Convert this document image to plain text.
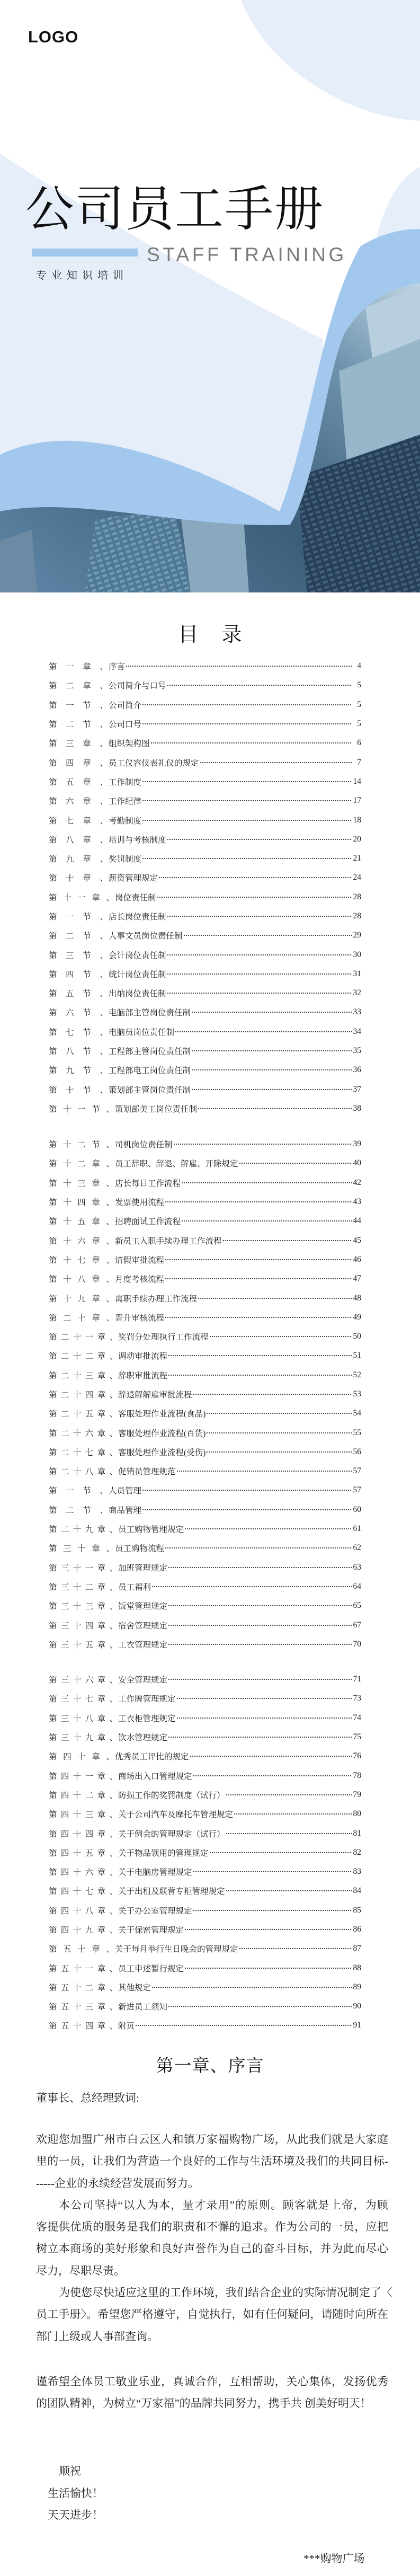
LOGO
公司员工手册
STAFF TRAINING
专业知识培训
目录
第一章、 序言	4
第二章、 公司简介与口号	5
第一节、 公司简介	5
第二节、 公司口号	5
第三章、 组织架构图	6
第四章、 员工仪容仪表礼仪的规定	7
第五章、 工作制度	14
第六章、 工作纪律	17
第七章、 考勤制度	18
第八章、 培训与考核制度	20
第九章、 奖罚制度	21
第十章、 薪资管理规定	24
第十一章、 岗位责任制	28
第一节、 店长岗位责任制	28
第二节、 人事文员岗位责任制	29
第三节、 会计岗位责任制	30
第四节、 统计岗位责任制	31
第五节、 出纳岗位责任制	32
第六节、 电脑部主管岗位责任制	33
第七节、 电脑员岗位责任制	34
第八节、 工程部主管岗位责任制	35
第九节、 工程部电工岗位责任制	36
第十节、 策划部主管岗位责任制	37
第十一节、 策划部美工岗位责任制	38
第十二节、 司机岗位责任制	39
第十二章、 员工辞职、辞退、解雇、开除规定	40
第十三章、 店长每日工作流程	42
第十四章、 发票使用流程	43
第十五章、 招聘面试工作流程	44
第十六章、 新员工入职手续办理工作流程	45
第十七章、 请假审批流程	46
第十八章、 月度考核流程	47
第十九章、 离职手续办理工作流程	48
第二十章、 晋升审核流程	49
第二十一章、 奖罚分处理执行工作流程	50
第二十二章、 调动审批流程	51
第二十三章、 辞职审批流程	52
第二十四章、 辞退解解雇审批流程	53
第二十五章、 客服处理作业流程(食品)	54
第二十六章、 客服处理作业流程(百货)	55
第二十七章、 客服处理作业流程(受伤)	56
第二十八章、 促销员管理规范	57
第一节、 人员管理	57
第二节、 商品管理	60
第二十九章、 员工购物管理规定	61
第三十章、 员工购物流程	62
第三十一章、 加班管理规定	63
第三十二章、 员工福利	64
第三十三章、 饭堂管理规定	65
第三十四章、 宿舍管理规定	67
第三十五章、 工衣管理规定	70
第三十六章、 安全管理规定	71
第三十七章、 工作牌管理规定	73
第三十八章、 工衣柜管理规定	74
第三十九章、 饮水管理规定	75
第四十章、 优秀员工评比的规定	76
第四十一章、 商场出入口管理规定	78
第四十二章、 防损工作的奖罚制度（试行）	79
第四十三章、 关于公司汽车及摩托车管理规定	80
第四十四章、 关于例会的管理规定（试行）	81
第四十五章、 关于物品领用的管理规定	82
第四十六章、 关于电脑房管理规定	83
第四十七章、 关于出租及联营专柜管理规定	84
第四十八章、 关于办公室管理规定	85
第四十九章、 关于保密管理规定	86
第五十章、 关于每月举行生日晚会的管理规定	87
第五十一章、 员工申述暂行规定	88
第五十二章、 其他规定	89
第五十三章、 新进员工须知	90
第五十四章、 附页	91
第一章、序言
董事长、总经理致词:
欢迎您加盟广州市白云区人和镇万家福购物广场，从此我们就是大家庭
里的一员，让我们为营造一个良好的工作与生活环境及我们的共同目标-
-----企业的永续经营发展而努力。
本公司坚持“以人为本，量才录用”的原则。顾客就是上帝，为顾
客提供优质的服务是我们的职责和不懈的追求。作为公司的一员，应把
树立本商场的美好形象和良好声誉作为自己的奋斗目标，并为此而尽心
尽力，尽职尽责。
为使您尽快适应这里的工作环境，我们结合企业的实际情况制定了〈
员工手册〉。希望您严格遵守，自觉执行，如有任何疑问，请随时向所在
部门上级或人事部查询。
谨希望全体员工敬业乐业，真诚合作，互相帮助，关心集体，发扬优秀
的团队精神，为树立“万家福”的品牌共同努力，携手共 创美好明天！
顺祝
生活愉快！
天天进步！
***购物广场
